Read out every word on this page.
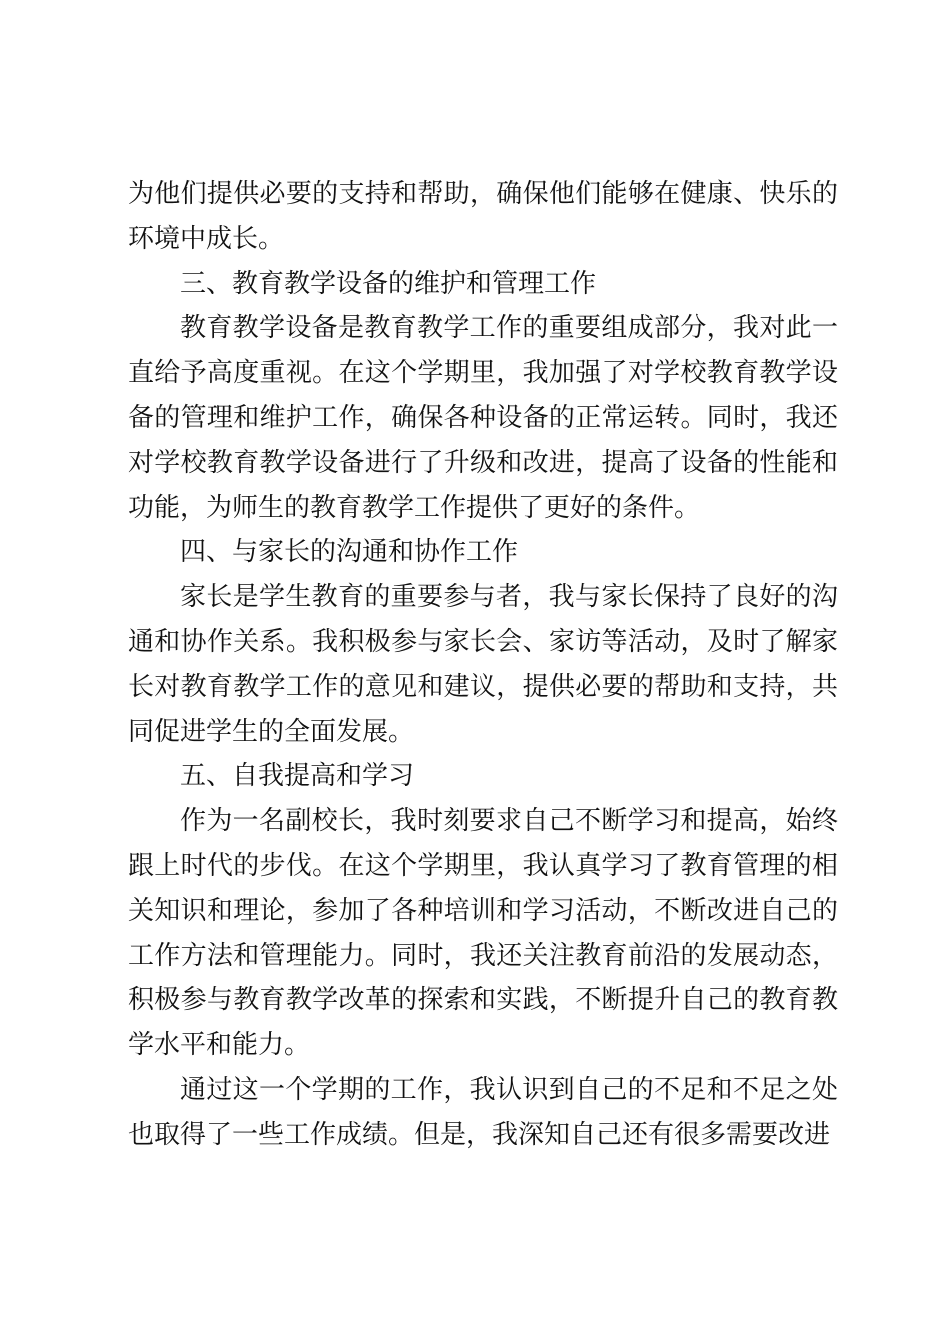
为他们提供必要的支持和帮助，确保他们能够在健康、快乐的环境中成长。

三、教育教学设备的维护和管理工作

教育教学设备是教育教学工作的重要组成部分，我对此一直给予高度重视。在这个学期里，我加强了对学校教育教学设备的管理和维护工作，确保各种设备的正常运转。同时，我还对学校教育教学设备进行了升级和改进，提高了设备的性能和功能，为师生的教育教学工作提供了更好的条件。

四、与家长的沟通和协作工作

家长是学生教育的重要参与者，我与家长保持了良好的沟通和协作关系。我积极参与家长会、家访等活动，及时了解家长对教育教学工作的意见和建议，提供必要的帮助和支持，共同促进学生的全面发展。

五、自我提高和学习

作为一名副校长，我时刻要求自己不断学习和提高，始终跟上时代的步伐。在这个学期里，我认真学习了教育管理的相关知识和理论，参加了各种培训和学习活动，不断改进自己的工作方法和管理能力。同时，我还关注教育前沿的发展动态，积极参与教育教学改革的探索和实践，不断提升自己的教育教学水平和能力。

通过这一个学期的工作，我认识到自己的不足和不足之处也取得了一些工作成绩。但是，我深知自己还有很多需要改进
